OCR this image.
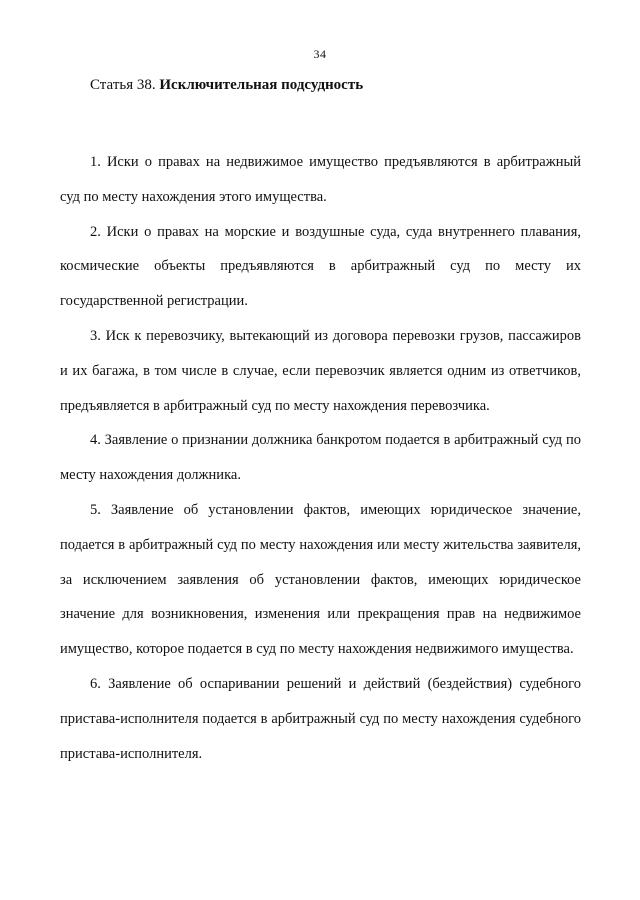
34
Статья 38. Исключительная подсудность

1. Иски о правах на недвижимое имущество предъявляются в арбитражный суд по месту нахождения этого имущества.

2. Иски о правах на морские и воздушные суда, суда внутреннего плавания, космические объекты предъявляются в арбитражный суд по месту их государственной регистрации.

3. Иск к перевозчику, вытекающий из договора перевозки грузов, пассажиров и их багажа, в том числе в случае, если перевозчик является одним из ответчиков, предъявляется в арбитражный суд по месту нахождения перевозчика.

4. Заявление о признании должника банкротом подается в арбитражный суд по месту нахождения должника.

5. Заявление об установлении фактов, имеющих юридическое значение, подается в арбитражный суд по месту нахождения или месту жительства заявителя, за исключением заявления об установлении фактов, имеющих юридическое значение для возникновения, изменения или прекращения прав на недвижимое имущество, которое подается в суд по месту нахождения недвижимого имущества.

6. Заявление об оспаривании решений и действий (бездействия) судебного пристава-исполнителя подается в арбитражный суд по месту нахождения судебного пристава-исполнителя.
